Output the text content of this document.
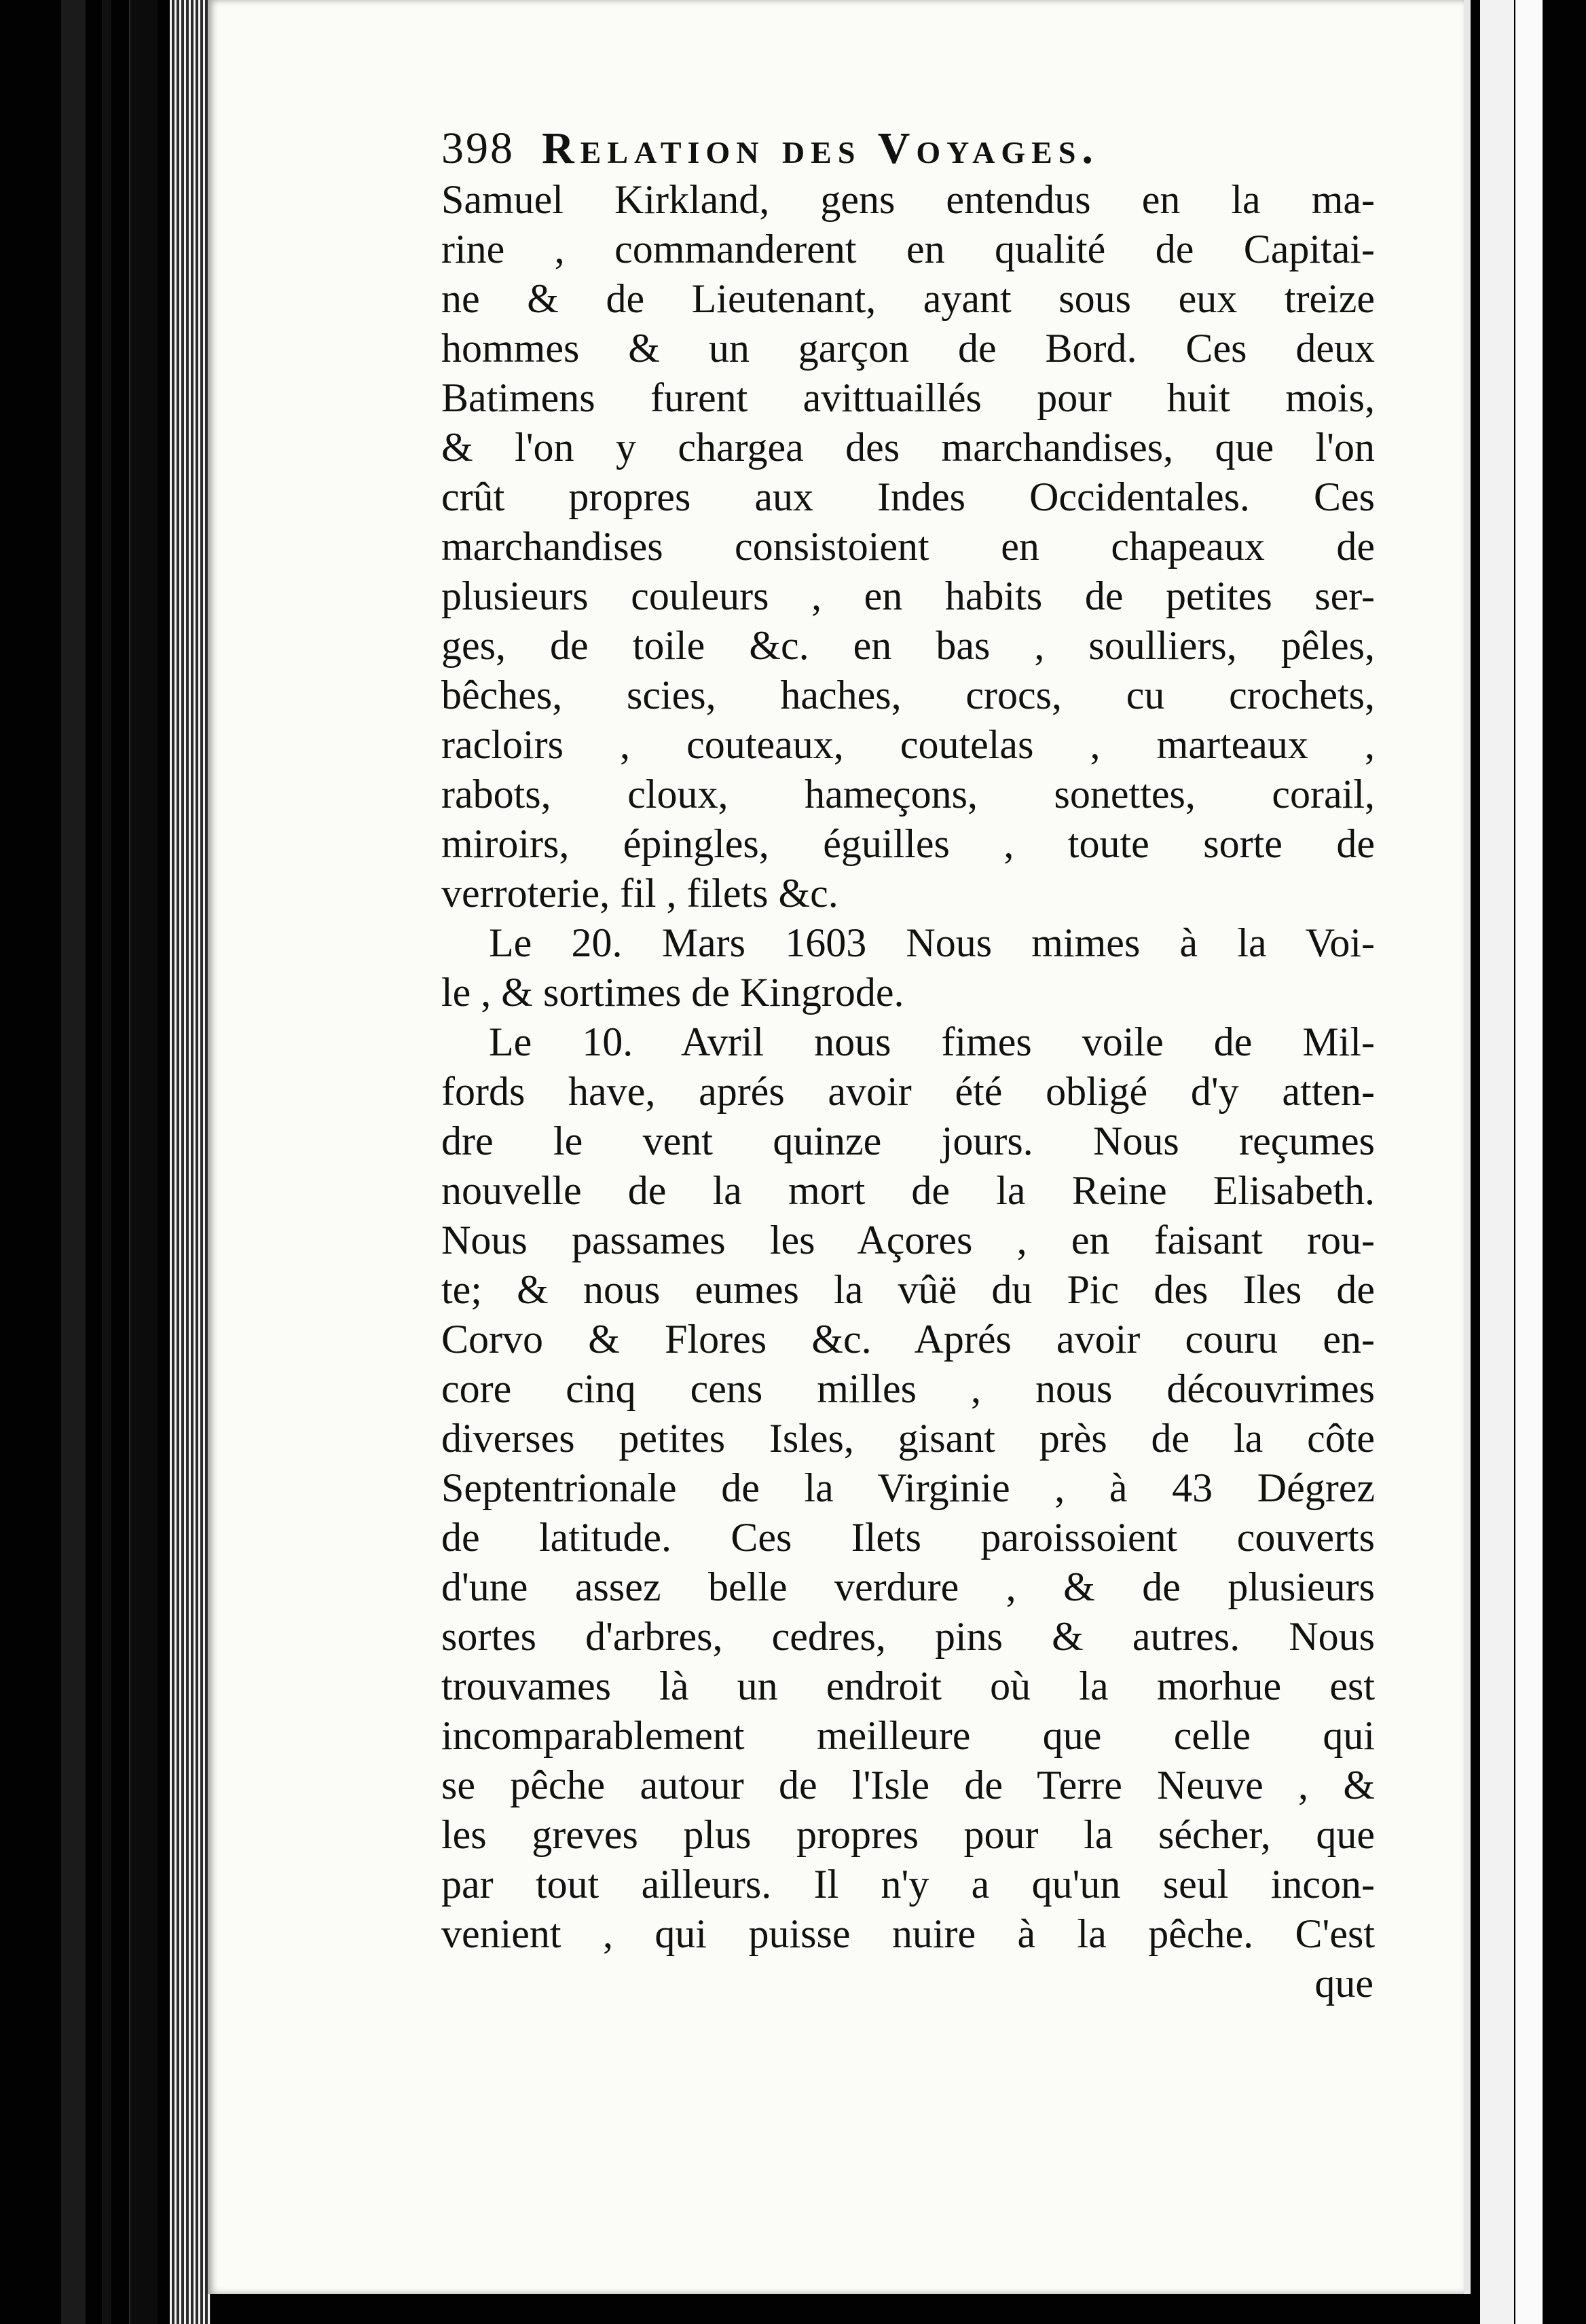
398 Relation des Voyages.
Samuel Kirkland, gens entendus en la ma-
rine , commanderent en qualité de Capitai-
ne & de Lieutenant, ayant sous eux treize
hommes & un garçon de Bord. Ces deux
Batimens furent avittuaillés pour huit mois,
& l'on y chargea des marchandises, que l'on
crût propres aux Indes Occidentales. Ces
marchandises consistoient en chapeaux de
plusieurs couleurs , en habits de petites ser-
ges, de toile &c. en bas , soulliers, pêles,
bêches, scies, haches, crocs, cu crochets,
racloirs , couteaux, coutelas , marteaux ,
rabots, cloux, hameçons, sonettes, corail,
miroirs, épingles, éguilles , toute sorte de
verroterie, fil , filets &c.
Le 20. Mars 1603 Nous mimes à la Voi-
le , & sortimes de Kingrode.
Le 10. Avril nous fimes voile de Mil-
fords have, aprés avoir été obligé d'y atten-
dre le vent quinze jours. Nous reçumes
nouvelle de la mort de la Reine Elisabeth.
Nous passames les Açores , en faisant rou-
te; & nous eumes la vûë du Pic des Iles de
Corvo & Flores &c. Aprés avoir couru en-
core cinq cens milles , nous découvrimes
diverses petites Isles, gisant près de la côte
Septentrionale de la Virginie , à 43 Dégrez
de latitude. Ces Ilets paroissoient couverts
d'une assez belle verdure , & de plusieurs
sortes d'arbres, cedres, pins & autres. Nous
trouvames là un endroit où la morhue est
incomparablement meilleure que celle qui
se pêche autour de l'Isle de Terre Neuve , &
les greves plus propres pour la sécher, que
par tout ailleurs. Il n'y a qu'un seul incon-
venient , qui puisse nuire à la pêche. C'est
que
